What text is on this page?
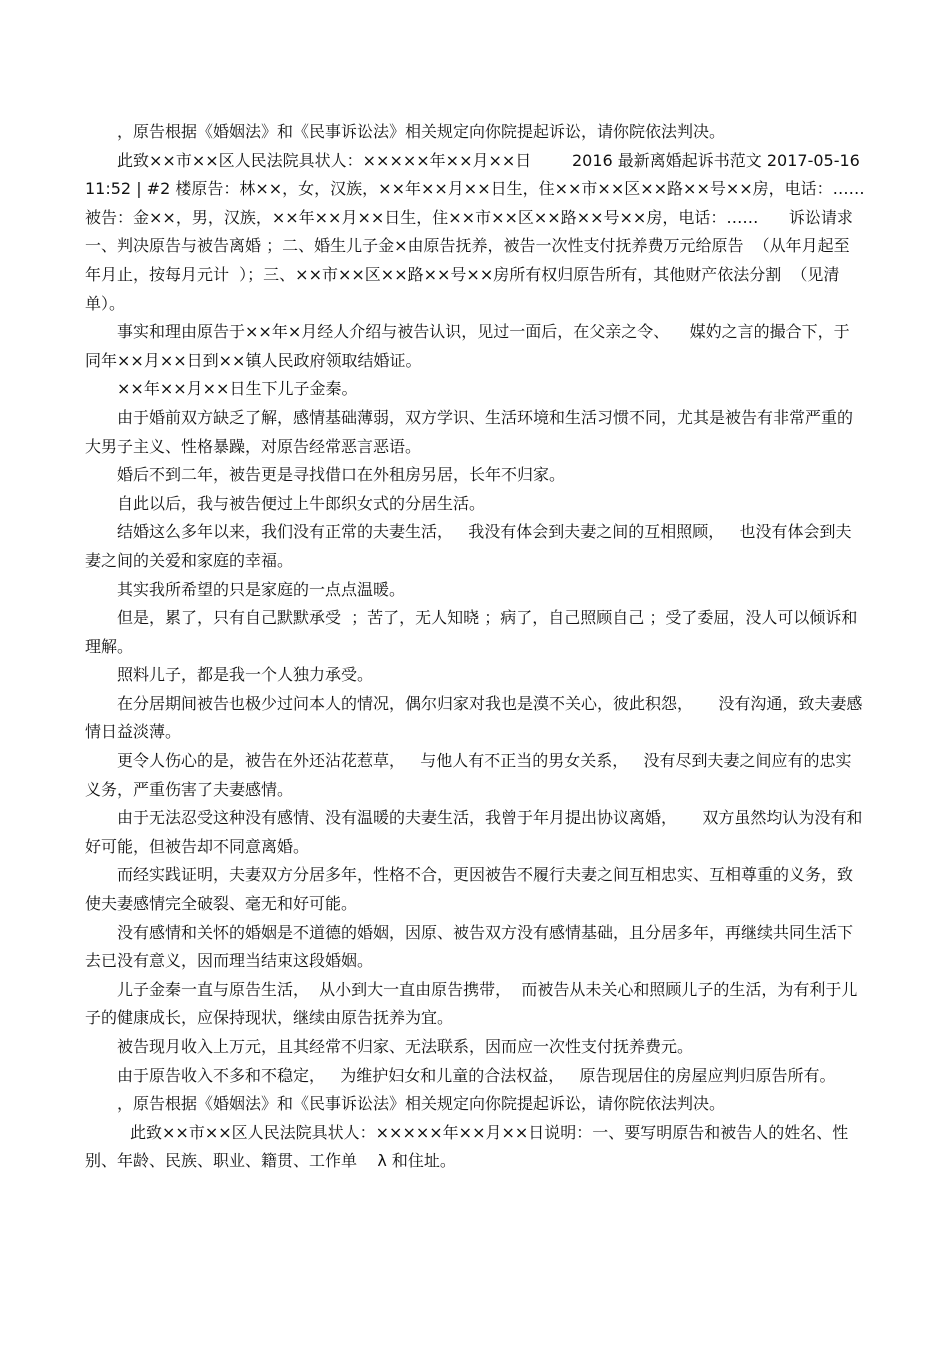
，原告根据《婚姻法》和《民事诉讼法》相关规定向你院提起诉讼，请你院依法判决。

此致××市××区人民法院具状人：×××××年××月××日        2016 最新离婚起诉书范文 2017-05-16 11:52 | #2 楼原告：林××，女，汉族，××年××月××日生，住××市××区××路××号××房，电话：……      被告：金××，男，汉族，××年××月××日生，住××市××区××路××号××房，电话：……      诉讼请求一、判决原告与被告离婚 ；二、婚生儿子金×由原告抚养，被告一次性支付抚养费万元给原告  （从年月起至年月止，按每月元计  ）；三、××市××区××路××号××房所有权归原告所有，其他财产依法分割  （见清单）。

事实和理由原告于××年×月经人介绍与被告认识，见过一面后，在父亲之令、    媒妁之言的撮合下，于同年××月××日到××镇人民政府领取结婚证。

××年××月××日生下儿子金秦。

由于婚前双方缺乏了解，感情基础薄弱，双方学识、生活环境和生活习惯不同，尤其是被告有非常严重的大男子主义、性格暴躁，对原告经常恶言恶语。

婚后不到二年，被告更是寻找借口在外租房另居，长年不归家。

自此以后，我与被告便过上牛郎织女式的分居生活。

结婚这么多年以来，我们没有正常的夫妻生活，   我没有体会到夫妻之间的互相照顾，   也没有体会到夫妻之间的关爱和家庭的幸福。

其实我所希望的只是家庭的一点点温暖。

但是，累了，只有自己默默承受  ；苦了，无人知晓 ；病了，自己照顾自己 ；受了委屈，没人可以倾诉和理解。

照料儿子，都是我一个人独力承受。

在分居期间被告也极少过问本人的情况，偶尔归家对我也是漠不关心，彼此积怨，     没有沟通，致夫妻感情日益淡薄。

更令人伤心的是，被告在外还沾花惹草，   与他人有不正当的男女关系，   没有尽到夫妻之间应有的忠实义务，严重伤害了夫妻感情。

由于无法忍受这种没有感情、没有温暖的夫妻生活，我曾于年月提出协议离婚，     双方虽然均认为没有和好可能，但被告却不同意离婚。

而经实践证明，夫妻双方分居多年，性格不合，更因被告不履行夫妻之间互相忠实、互相尊重的义务，致使夫妻感情完全破裂、毫无和好可能。

没有感情和关怀的婚姻是不道德的婚姻，因原、被告双方没有感情基础，且分居多年，再继续共同生活下去已没有意义，因而理当结束这段婚姻。

儿子金秦一直与原告生活，  从小到大一直由原告携带，  而被告从未关心和照顾儿子的生活，为有利于儿子的健康成长，应保持现状，继续由原告抚养为宜。

被告现月收入上万元，且其经常不归家、无法联系，因而应一次性支付抚养费元。

由于原告收入不多和不稳定，   为维护妇女和儿童的合法权益，   原告现居住的房屋应判归原告所有。

，原告根据《婚姻法》和《民事诉讼法》相关规定向你院提起诉讼，请你院依法判决。

此致××市××区人民法院具状人：×××××年××月××日说明：一、要写明原告和被告人的姓名、性别、年龄、民族、职业、籍贯、工作单    λ 和住址。
